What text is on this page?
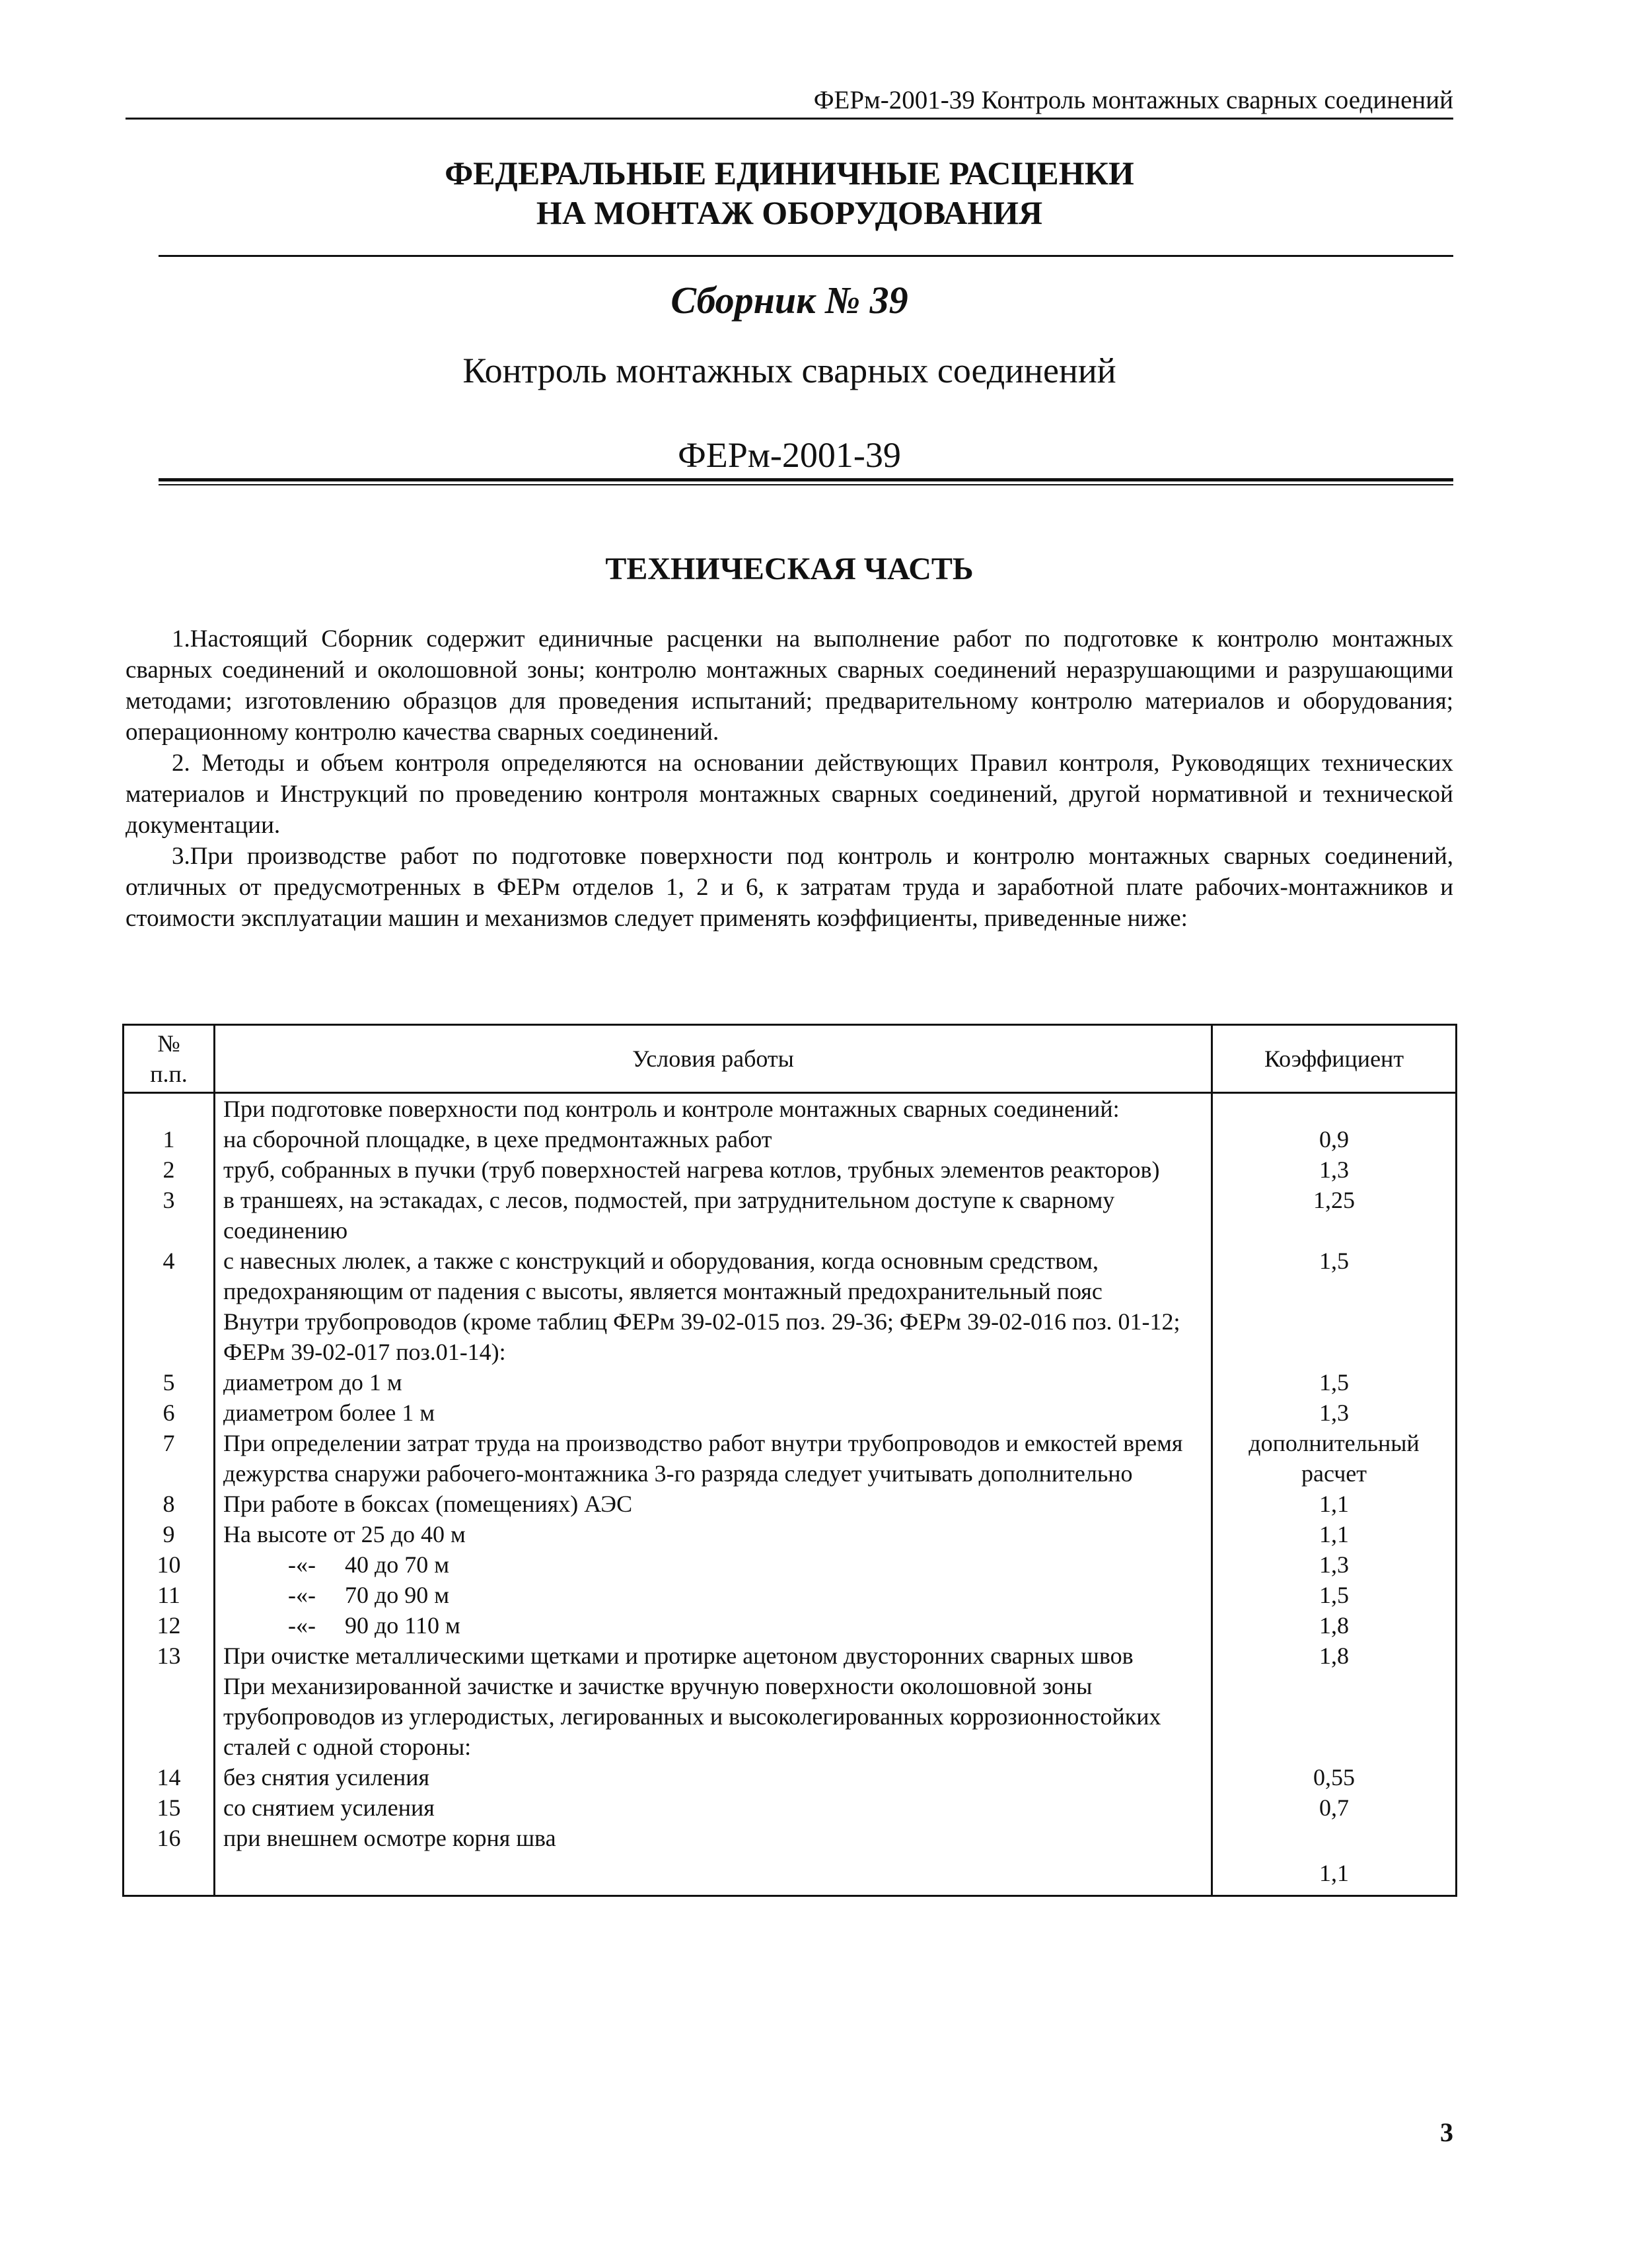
ФЕРм-2001-39 Контроль монтажных сварных соединений
ФЕДЕРАЛЬНЫЕ ЕДИНИЧНЫЕ РАСЦЕНКИ
НА МОНТАЖ ОБОРУДОВАНИЯ
Сборник № 39
Контроль монтажных сварных соединений
ФЕРм-2001-39
ТЕХНИЧЕСКАЯ ЧАСТЬ

1.Настоящий Сборник содержит единичные расценки на выполнение работ по подготовке к контролю монтажных сварных соединений и околошовной зоны; контролю монтажных сварных соединений неразрушающими и разрушающими методами; изготовлению образцов для проведения испытаний; предварительному контролю материалов и оборудования; операционному контролю качества сварных соединений.

2. Методы и объем контроля определяются на основании действующих Правил контроля, Руководящих технических материалов и Инструкций по проведению контроля монтажных сварных соединений, другой нормативной и технической документации.

3.При производстве работ по подготовке поверхности под контроль и контролю монтажных сварных соединений, отличных от предусмотренных в ФЕРм отделов 1, 2 и 6, к затратам труда и заработной плате рабочих-монтажников и стоимости эксплуатации машин и механизмов следует применять коэффициенты, приведенные ниже:

№
п.п.	Условия работы	Коэффициент
	При подготовке поверхности под контроль и контроле монтажных сварных соединений:	
1	на сборочной площадке, в цехе предмонтажных работ	0,9
2	труб, собранных в пучки (труб поверхностей нагрева котлов, трубных элементов реакторов)	1,3
3	в траншеях, на эстакадах, с лесов, подмостей, при затруднительном доступе к сварному соединению	1,25
4	с навесных люлек, а также с конструкций и оборудования, когда основным средством, предохраняющим от падения с высоты, является монтажный предохранительный пояс	1,5
	Внутри трубопроводов (кроме таблиц ФЕРм 39-02-015 поз. 29-36; ФЕРм 39-02-016 поз. 01-12; ФЕРм 39-02-017 поз.01-14):	
5	диаметром до 1 м	1,5
6	диаметром более 1 м	1,3
7	При определении затрат труда на производство работ внутри трубопроводов и емкостей время дежурства снаружи рабочего-монтажника 3-го разряда следует учитывать дополнительно	дополнительный расчет
8	При работе в боксах (помещениях) АЭС	1,1
9	На высоте от 25 до 40 м	1,1
10	-«- 40 до 70 м	1,3
11	-«- 70 до 90 м	1,5
12	-«- 90 до 110 м	1,8
13	При очистке металлическими щетками и протирке ацетоном двусторонних сварных швов	1,8
	При механизированной зачистке и зачистке вручную поверхности околошовной зоны трубопроводов из углеродистых, легированных и высоколегированных коррозионностойких сталей с одной стороны:	
14	без снятия усиления	0,55
15	со снятием усиления	0,7
16	при внешнем осмотре корня шва	1,1
3
